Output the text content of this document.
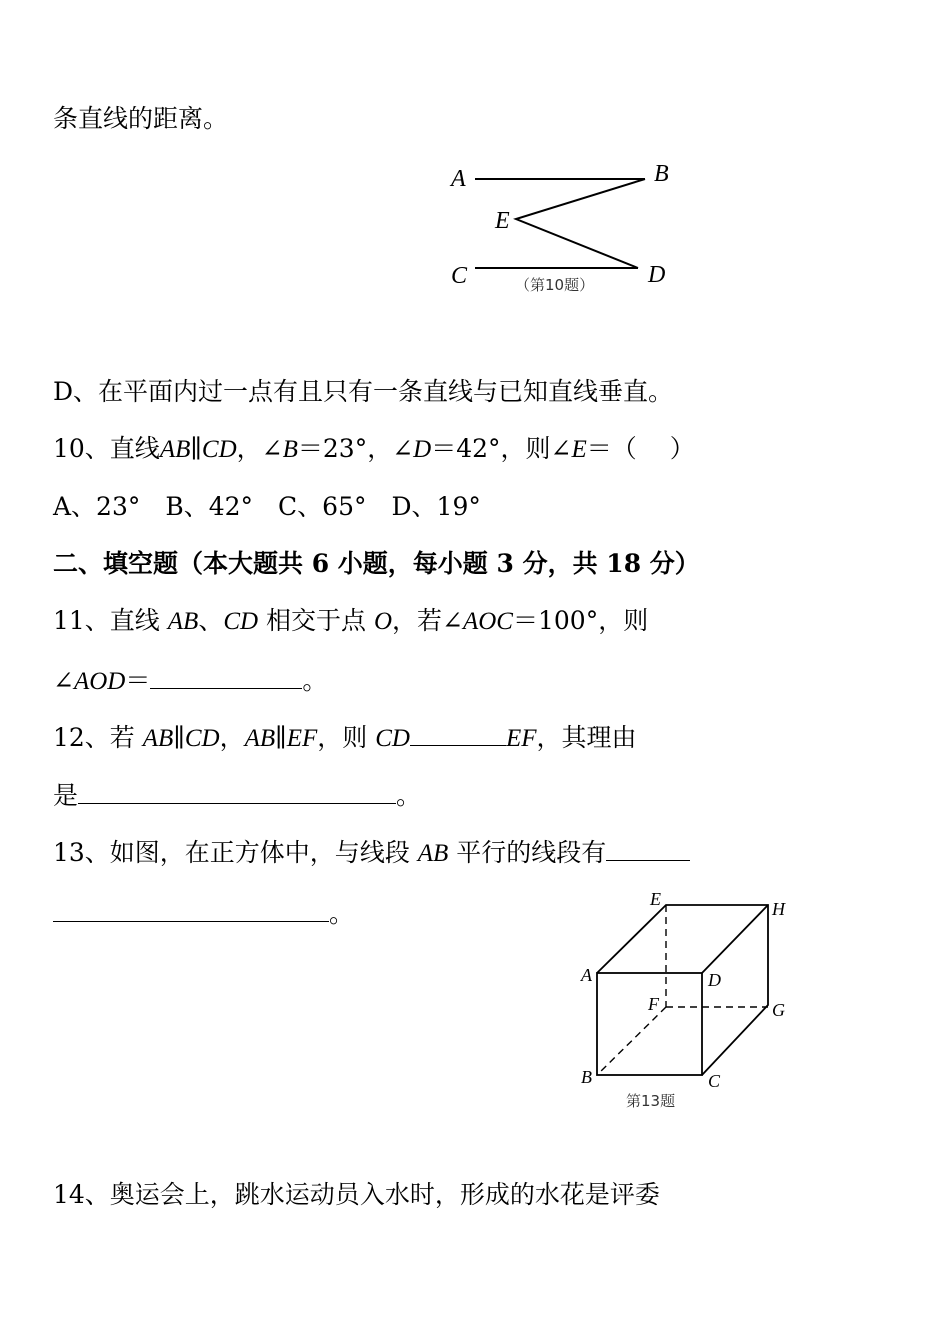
条直线的距离。
A	B
E
C	D
（第10题）
D、在平面内过一点有且只有一条直线与已知直线垂直。
10、直线AB∥CD，∠B＝23°，∠D＝42°，则∠E＝（　 ）
A、23°　B、42°　C、65°　D、19°
二、填空题（本大题共 6 小题，每小题 3 分，共 18 分）
11、直线 AB、CD 相交于点 O，若∠AOC＝100°，则
∠AOD＝	。
12、若 AB∥CD，AB∥EF，则 CD	EF，其理由
是	。
13、如图，在正方体中，与线段 AB 平行的线段有
。	E	H
A	D
F	G
B	C
第13题
14、奥运会上，跳水运动员入水时，形成的水花是评委
